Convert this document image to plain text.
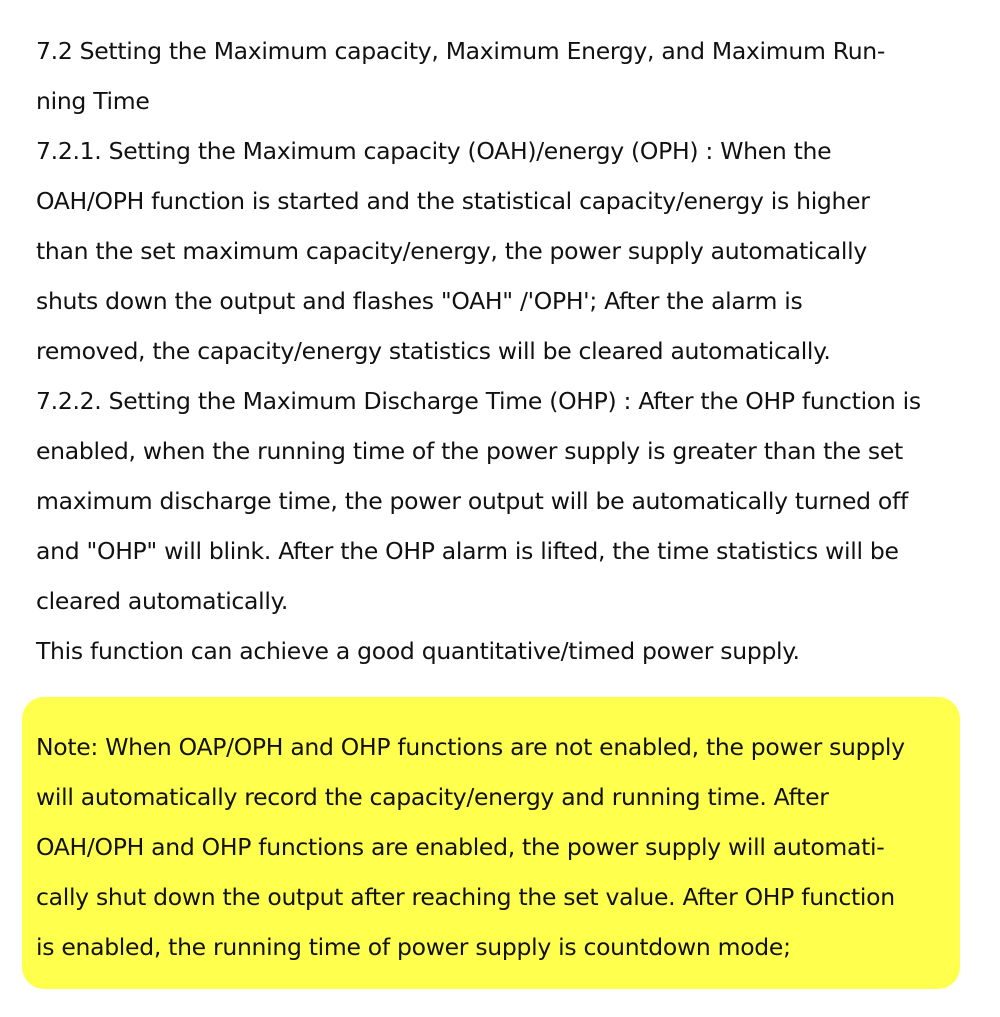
7.2 Setting the Maximum capacity, Maximum Energy, and Maximum Run-
ning Time
7.2.1. Setting the Maximum capacity (OAH)/energy (OPH) : When the
OAH/OPH function is started and the statistical capacity/energy is higher
than the set maximum capacity/energy, the power supply automatically
shuts down the output and flashes "OAH" /'OPH'; After the alarm is
removed, the capacity/energy statistics will be cleared automatically.
7.2.2. Setting the Maximum Discharge Time (OHP) : After the OHP function is
enabled, when the running time of the power supply is greater than the set
maximum discharge time, the power output will be automatically turned off
and "OHP" will blink. After the OHP alarm is lifted, the time statistics will be
cleared automatically.
This function can achieve a good quantitative/timed power supply.
Note: When OAP/OPH and OHP functions are not enabled, the power supply
will automatically record the capacity/energy and running time. After
OAH/OPH and OHP functions are enabled, the power supply will automati-
cally shut down the output after reaching the set value. After OHP function
is enabled, the running time of power supply is countdown mode;
